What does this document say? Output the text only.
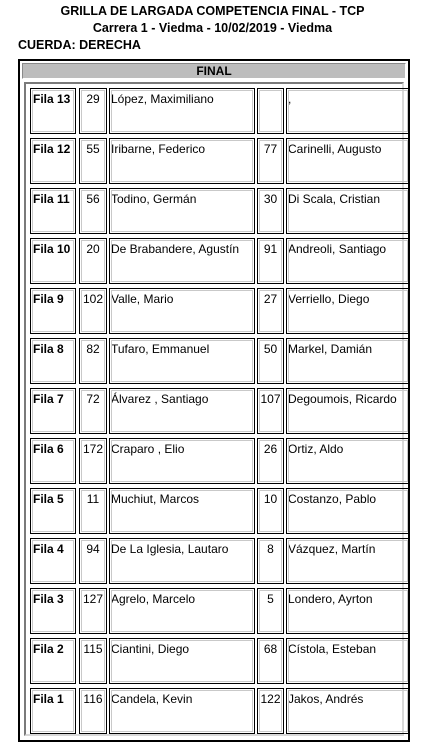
GRILLA DE LARGADA COMPETENCIA FINAL - TCP
Carrera 1 - Viedma - 10/02/2019 - Viedma
CUERDA: DERECHA
FINAL
Fila 13	29 López, Maximiliano	,
Fila 12	55 Iribarne, Federico	77 Carinelli, Augusto
Fila 11	56 Todino, Germán	30 Di Scala, Cristian
Fila 10	20 De Brabandere, Agustín	91 Andreoli, Santiago
Fila 9	102 Valle, Mario	27 Verriello, Diego
Fila 8	82 Tufaro, Emmanuel	50 Markel, Damián
Fila 7	72 Álvarez , Santiago	107 Degoumois, Ricardo
Fila 6	172 Craparo , Elio	26 Ortiz, Aldo
Fila 5	11 Muchiut, Marcos	10 Costanzo, Pablo
Fila 4	94 De La Iglesia, Lautaro	8	Vázquez, Martín
Fila 3	127 Agrelo, Marcelo	5	Londero, Ayrton
Fila 2	115 Ciantini, Diego	68 Cístola, Esteban
Fila 1	116 Candela, Kevin	122 Jakos, Andrés
